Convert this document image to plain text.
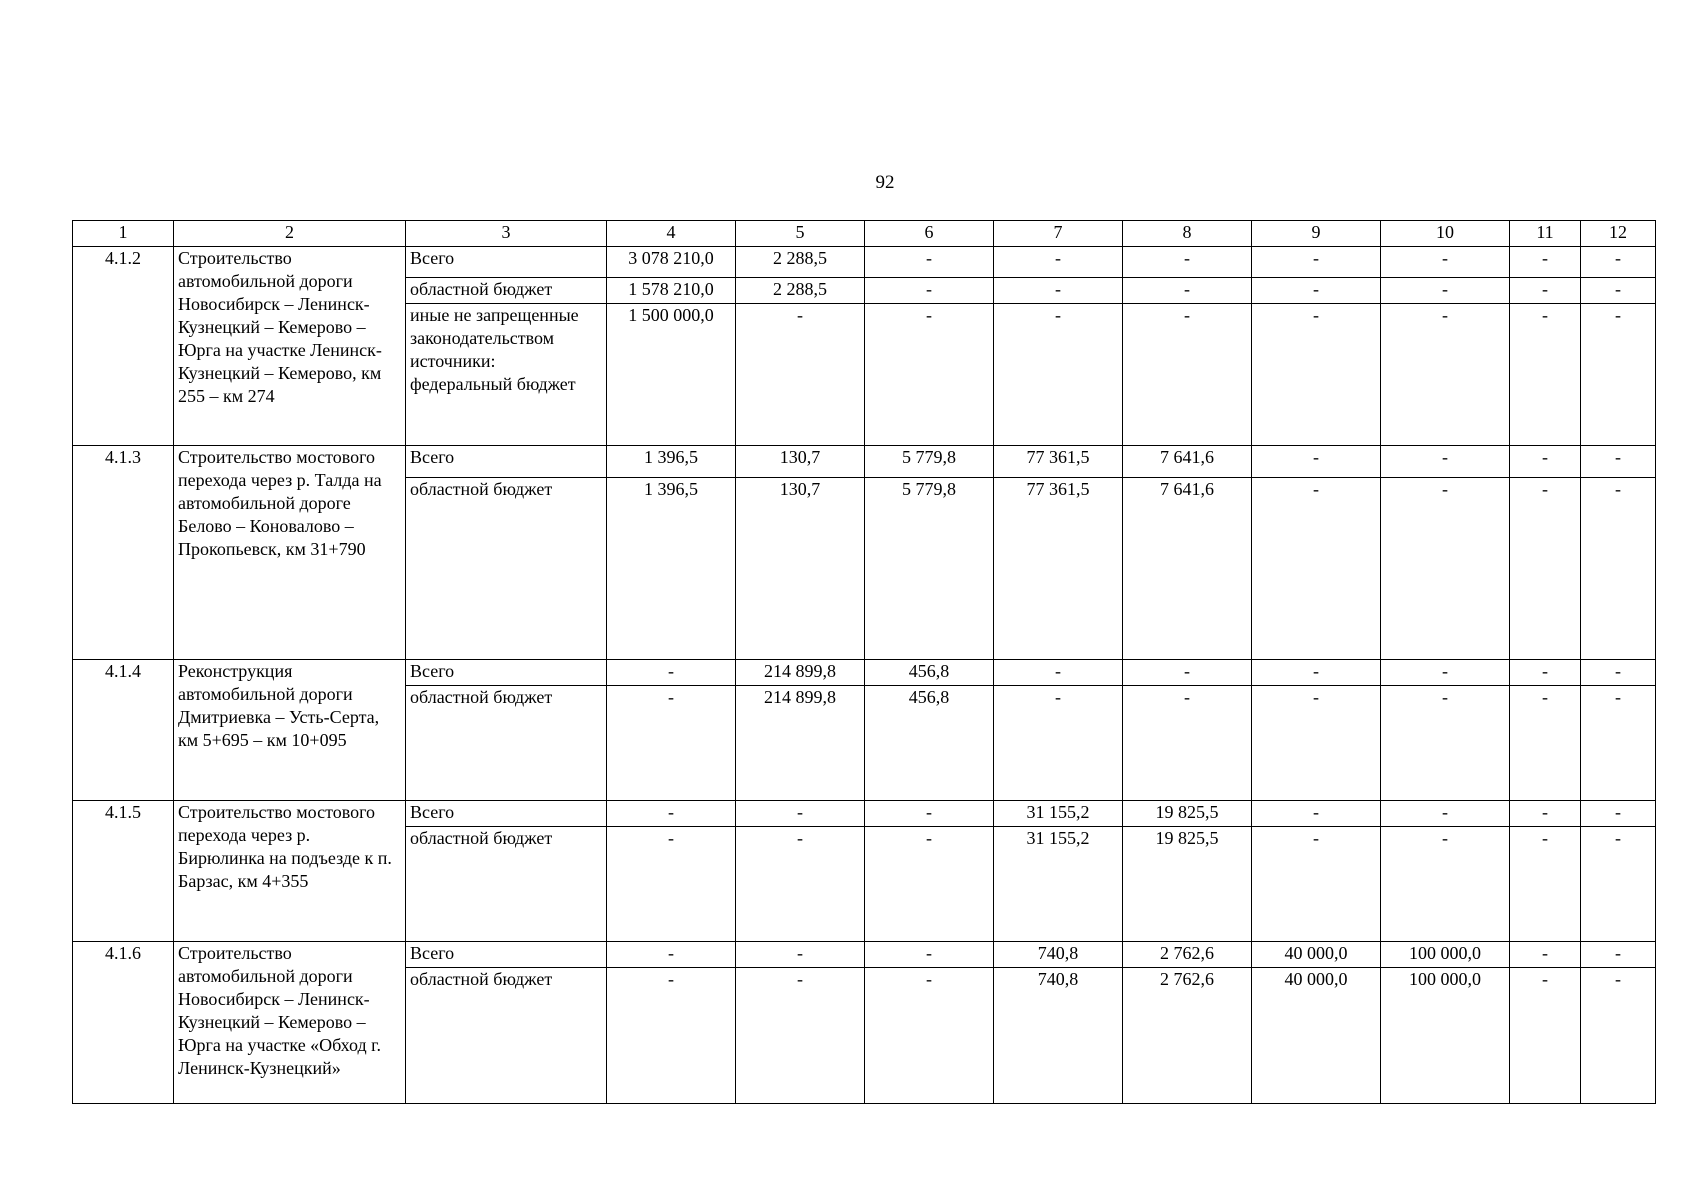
92
1	2	3	4	5	6	7	8	9	10	11	12
4.1.2	Строительство автомобильной дороги Новосибирск – Ленинск-Кузнецкий – Кемерово – Юрга на участке Ленинск-Кузнецкий – Кемерово, км 255 – км 274	Всего	3 078 210,0	2 288,5	-	-	-	-	-	-	-
		областной бюджет	1 578 210,0	2 288,5	-	-	-	-	-	-	-
		иные не запрещенные законодательством источники: федеральный бюджет	1 500 000,0	-	-	-	-	-	-	-	-
4.1.3	Строительство мостового перехода через р. Талда на автомобильной дороге Белово – Коновалово – Прокопьевск, км 31+790	Всего	1 396,5	130,7	5 779,8	77 361,5	7 641,6	-	-	-	-
		областной бюджет	1 396,5	130,7	5 779,8	77 361,5	7 641,6	-	-	-	-
4.1.4	Реконструкция автомобильной дороги Дмитриевка – Усть-Серта, км 5+695 – км 10+095	Всего	-	214 899,8	456,8	-	-	-	-	-	-
		областной бюджет	-	214 899,8	456,8	-	-	-	-	-	-
4.1.5	Строительство мостового перехода через р. Бирюлинка на подъезде к п. Барзас, км 4+355	Всего	-	-	-	31 155,2	19 825,5	-	-	-	-
		областной бюджет	-	-	-	31 155,2	19 825,5	-	-	-	-
4.1.6	Строительство автомобильной дороги Новосибирск – Ленинск-Кузнецкий – Кемерово – Юрга на участке «Обход г. Ленинск-Кузнецкий»	Всего	-	-	-	740,8	2 762,6	40 000,0	100 000,0	-	-
		областной бюджет	-	-	-	740,8	2 762,6	40 000,0	100 000,0	-	-
